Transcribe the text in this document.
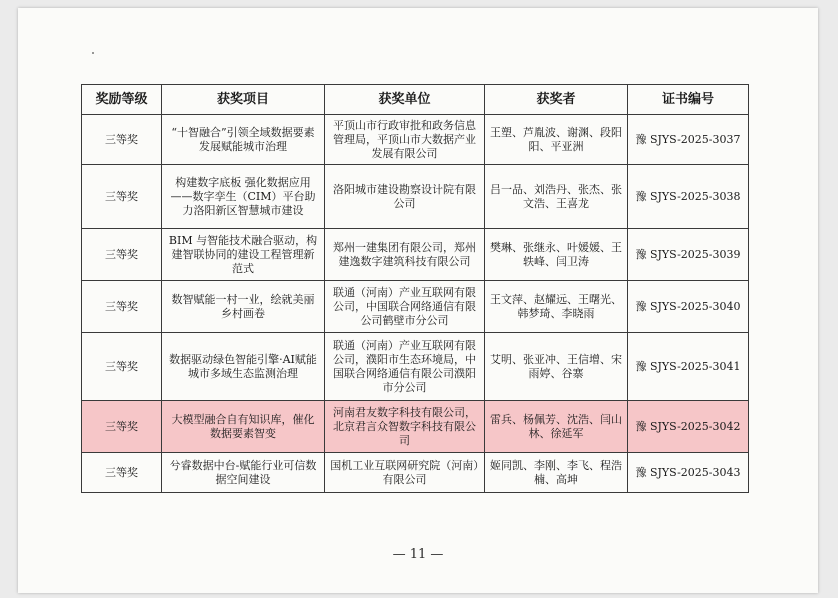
奖励等级	获奖项目	获奖单位	获奖者	证书编号
三等奖	“十智融合”引领全域数据要素发展赋能城市治理	平顶山市行政审批和政务信息管理局，平顶山市大数据产业发展有限公司	王塑、芦胤波、谢渊、段阳阳、平亚洲	豫 SJYS-2025-3037
三等奖	构建数字底板 强化数据应用——数字孪生（CIM）平台助力洛阳新区智慧城市建设	洛阳城市建设勘察设计院有限公司	吕一品、刘浩丹、张杰、张文浩、王喜龙	豫 SJYS-2025-3038
三等奖	BIM 与智能技术融合驱动，构建智联协同的建设工程管理新范式	郑州一建集团有限公司，郑州建逸数字建筑科技有限公司	樊琳、张继永、叶媛媛、王轶峰、闫卫涛	豫 SJYS-2025-3039
三等奖	数智赋能一村一业，绘就美丽乡村画卷	联通（河南）产业互联网有限公司，中国联合网络通信有限公司鹤壁市分公司	王文萍、赵耀远、王曙光、韩梦琦、李晓雨	豫 SJYS-2025-3040
三等奖	数据驱动绿色智能引擎·AI赋能城市多域生态监测治理	联通（河南）产业互联网有限公司，濮阳市生态环境局，中国联合网络通信有限公司濮阳市分公司	艾明、张亚冲、王信增、宋雨婷、谷寨	豫 SJYS-2025-3041
三等奖	大模型融合自有知识库，催化数据要素智变	河南君友数字科技有限公司，北京君言众智数字科技有限公司	雷兵、杨佩芳、沈浩、闫山林、徐延军	豫 SJYS-2025-3042
三等奖	兮睿数据中台-赋能行业可信数据空间建设	国机工业互联网研究院（河南）有限公司	姬同凯、李刚、李飞、程浩楠、高坤	豫 SJYS-2025-3043
— 11 —
